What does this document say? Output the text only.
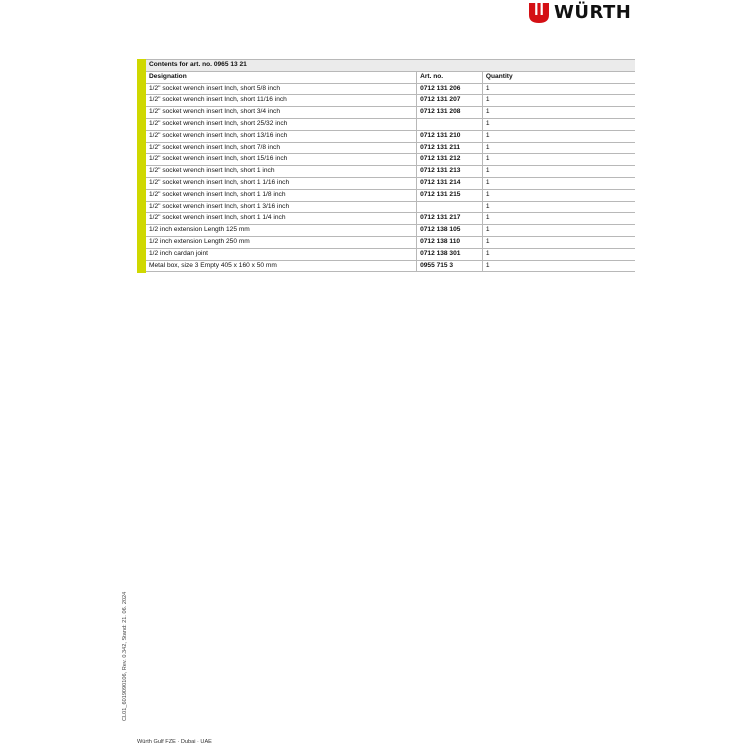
WÜRTH
Contents for art. no. 0965 13 21		
Designation	Art. no.	Quantity
1/2" socket wrench insert Inch, short 5/8 inch	0712 131 206	1
1/2" socket wrench insert Inch, short 11/16 inch	0712 131 207	1
1/2" socket wrench insert Inch, short 3/4 inch	0712 131 208	1
1/2" socket wrench insert Inch, short 25/32 inch		1
1/2" socket wrench insert Inch, short 13/16 inch	0712 131 210	1
1/2" socket wrench insert Inch, short 7/8 inch	0712 131 211	1
1/2" socket wrench insert Inch, short 15/16 inch	0712 131 212	1
1/2" socket wrench insert Inch, short 1 inch	0712 131 213	1
1/2" socket wrench insert Inch, short 1 1/16 inch	0712 131 214	1
1/2" socket wrench insert Inch, short 1 1/8 inch	0712 131 215	1
1/2" socket wrench insert Inch, short 1 3/16 inch		1
1/2" socket wrench insert Inch, short 1 1/4 inch	0712 131 217	1
1/2 inch extension Length 125 mm	0712 138 105	1
1/2 inch extension Length 250 mm	0712 138 110	1
1/2 inch cardan joint	0712 138 301	1
Metal box, size 3 Empty 405 x 160 x 50 mm	0955 715 3	1
CL01_6019090106, Rev. 0.342, Stand: 21. 06. 2024
Würth Gulf FZE · Dubai · UAE
